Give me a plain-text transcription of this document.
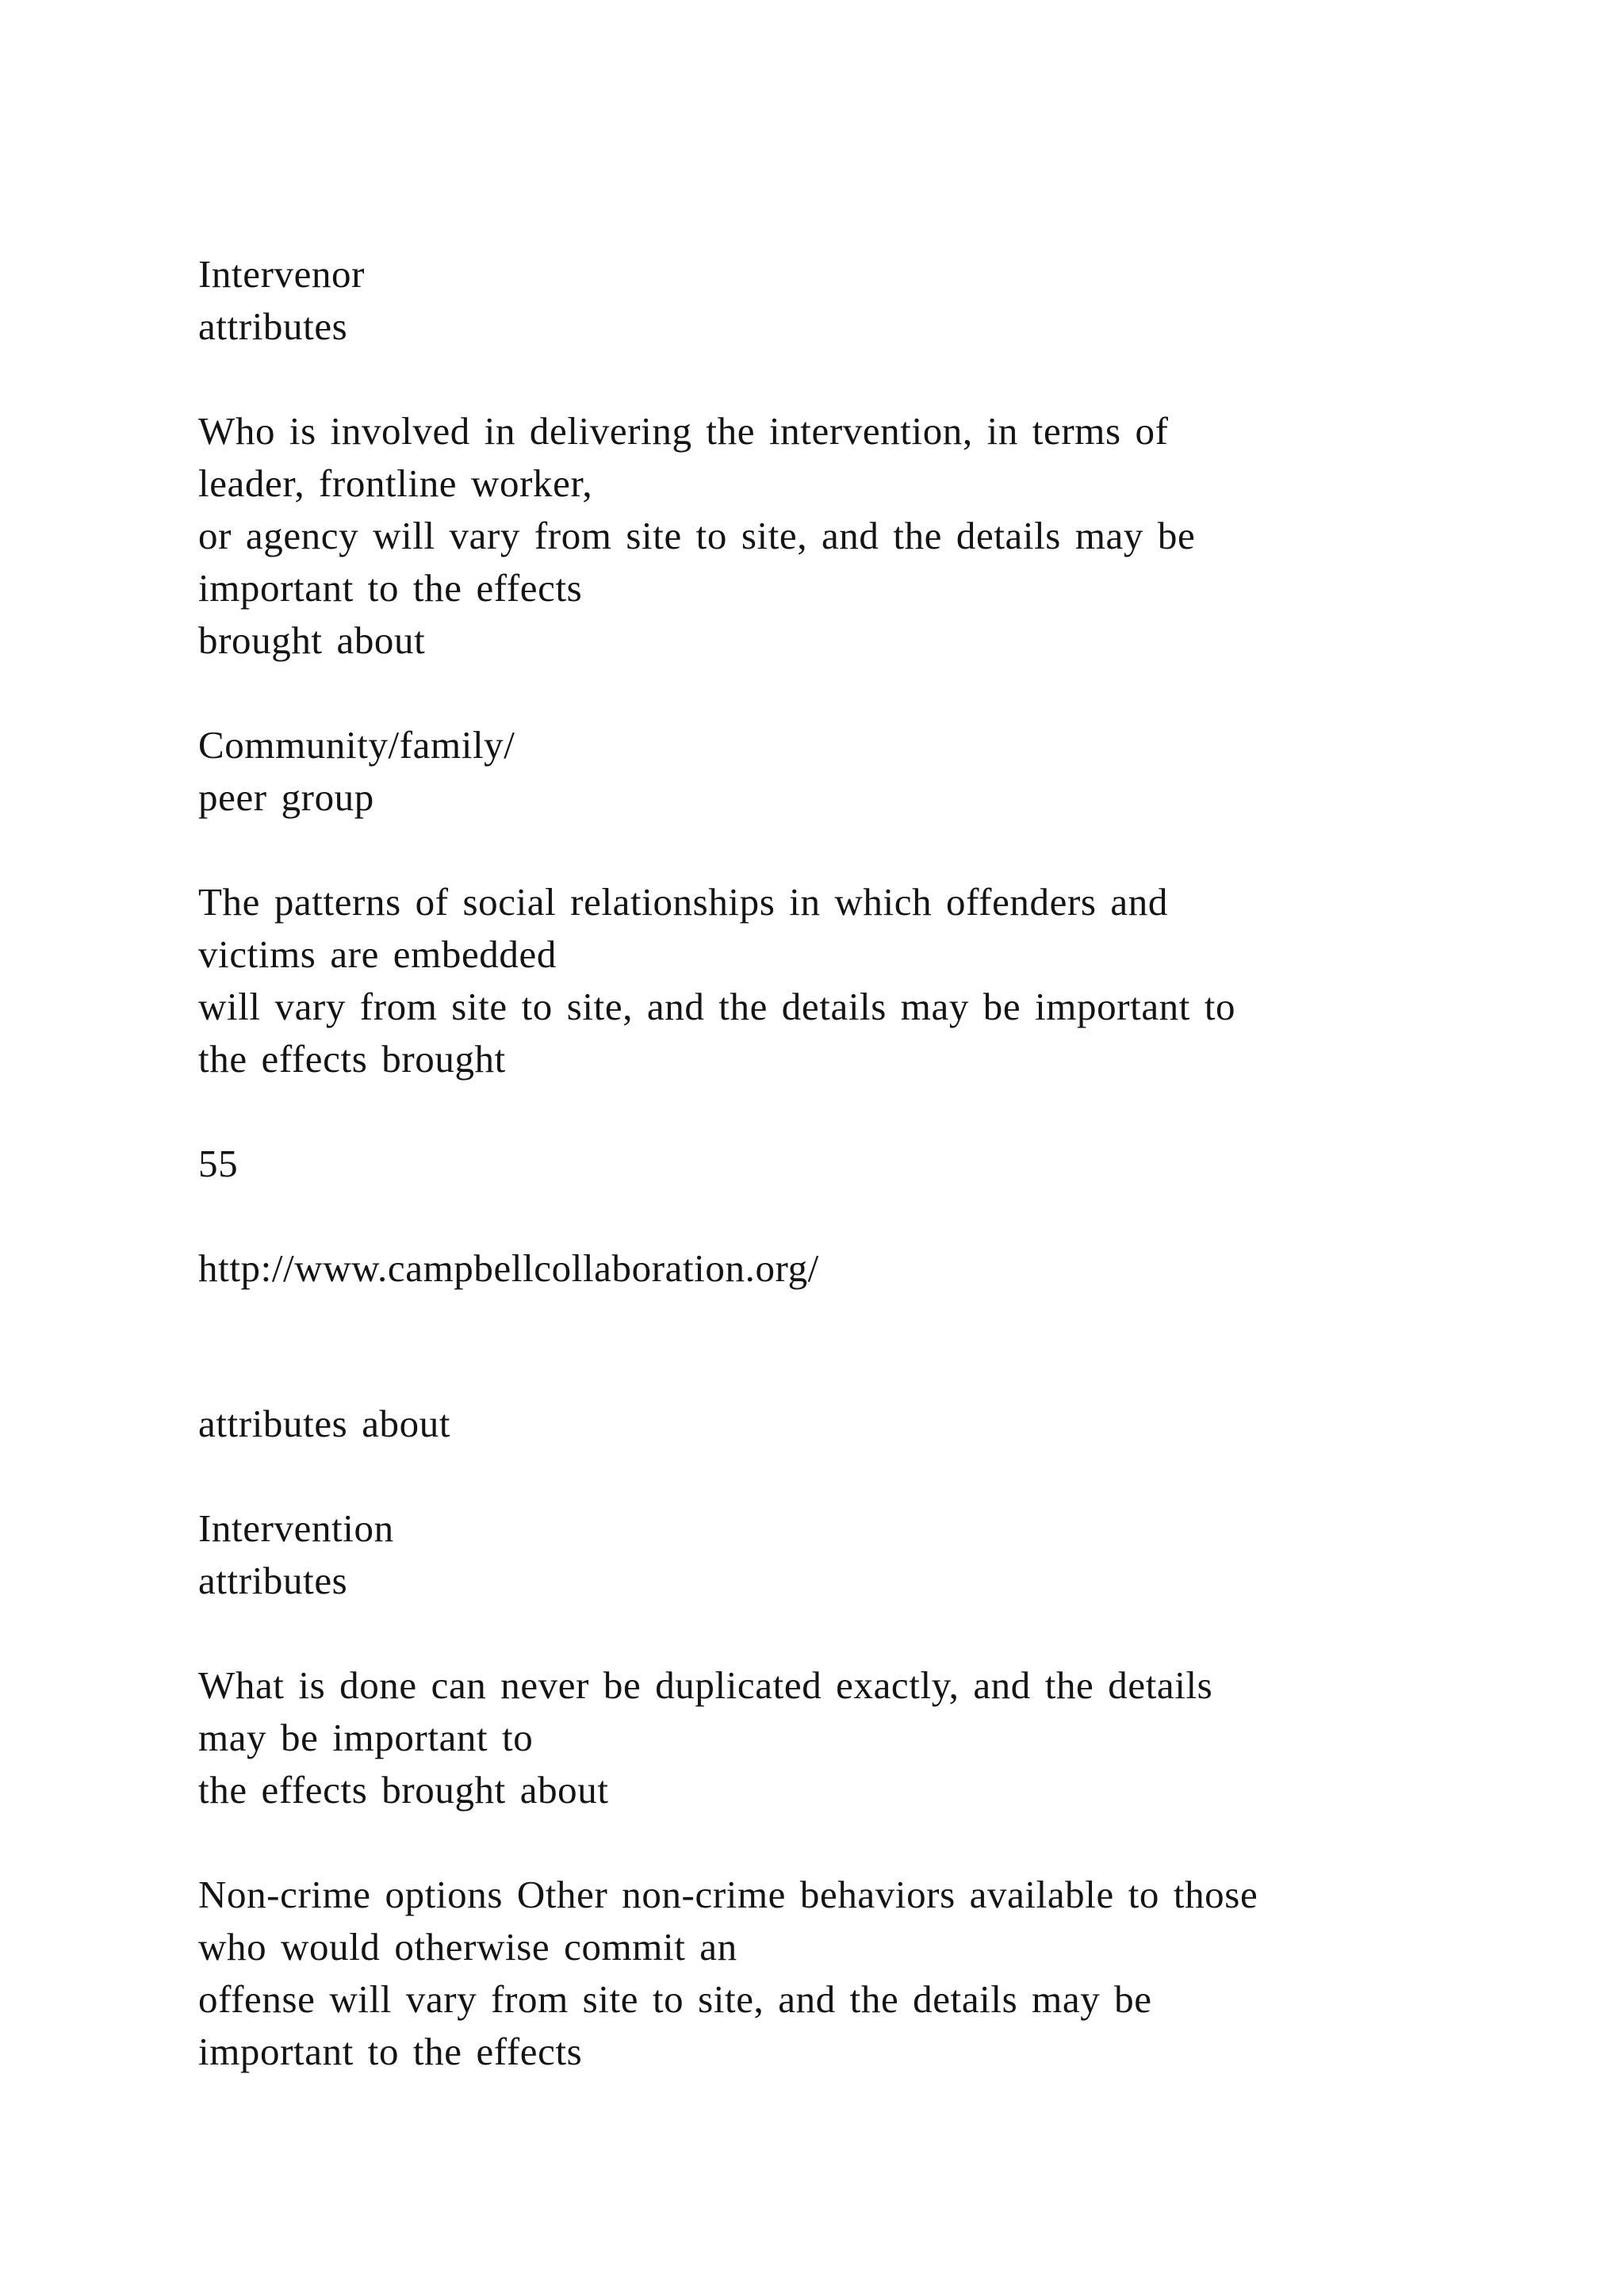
Intervenor
attributes
Who is involved in delivering the intervention, in terms of
leader, frontline worker,
or agency will vary from site to site, and the details may be
important to the effects
brought about
Community/family/
peer group
The patterns of social relationships in which offenders and
victims are embedded
will vary from site to site, and the details may be important to
the effects brought
55
http://www.campbellcollaboration.org/
attributes about
Intervention
attributes
What is done can never be duplicated exactly, and the details
may be important to
the effects brought about
Non-crime options Other non-crime behaviors available to those
who would otherwise commit an
offense will vary from site to site, and the details may be
important to the effects
